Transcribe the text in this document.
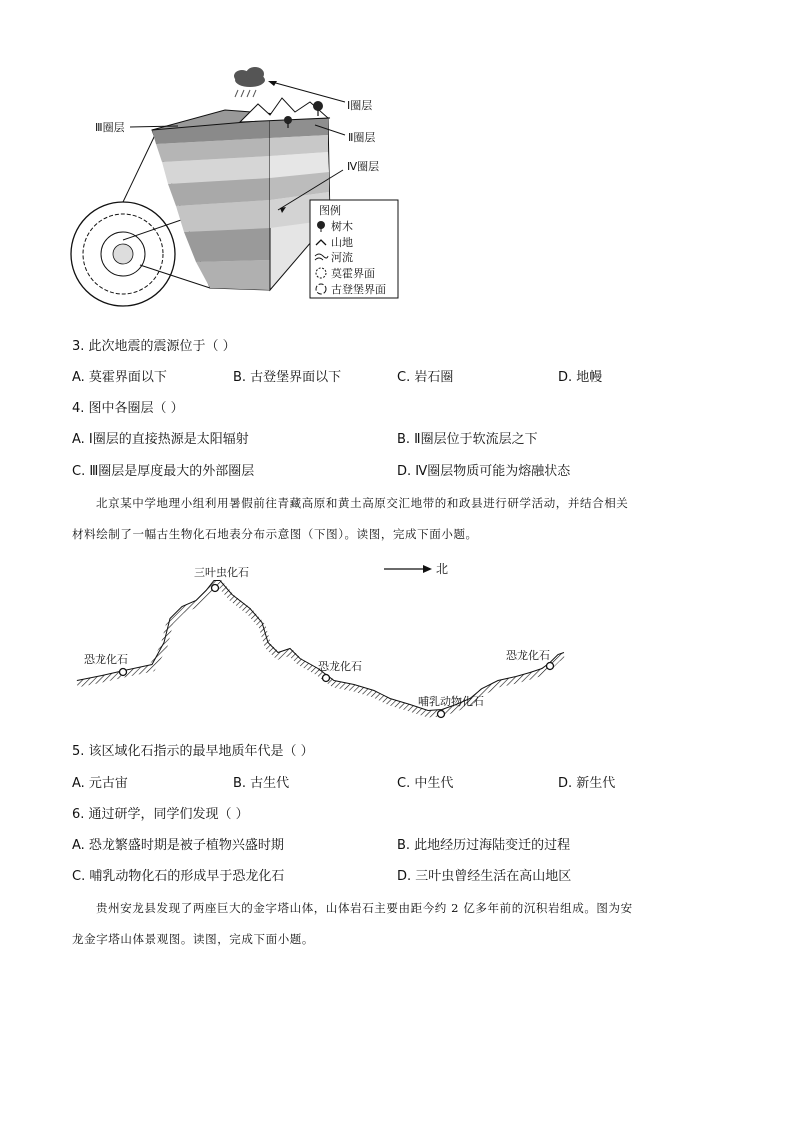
Ⅰ圈层
Ⅱ圈层
Ⅲ圈层
Ⅳ圈层
图例
树木
山地
河流
莫霍界面
古登堡界面
3. 此次地震的震源位于（ ）
A. 莫霍界面以下	B. 古登堡界面以下	C. 岩石圈	D. 地幔
4. 图中各圈层（ ）
A. Ⅰ圈层的直接热源是太阳辐射	B. Ⅱ圈层位于软流层之下
C. Ⅲ圈层是厚度最大的外部圈层	D. Ⅳ圈层物质可能为熔融状态
北京某中学地理小组利用暑假前往青藏高原和黄土高原交汇地带的和政县进行研学活动，并结合相关
材料绘制了一幅古生物化石地表分布示意图（下图）。读图，完成下面小题。
北
三叶虫化石
恐龙化石
恐龙化石
哺乳动物化石
恐龙化石
5. 该区域化石指示的最早地质年代是（ ）
A. 元古宙	B. 古生代	C. 中生代	D. 新生代
6. 通过研学，同学们发现（ ）
A. 恐龙繁盛时期是被子植物兴盛时期	B. 此地经历过海陆变迁的过程
C. 哺乳动物化石的形成早于恐龙化石	D. 三叶虫曾经生活在高山地区
贵州安龙县发现了两座巨大的金字塔山体，山体岩石主要由距今约 2 亿多年前的沉积岩组成。图为安
龙金字塔山体景观图。读图，完成下面小题。
